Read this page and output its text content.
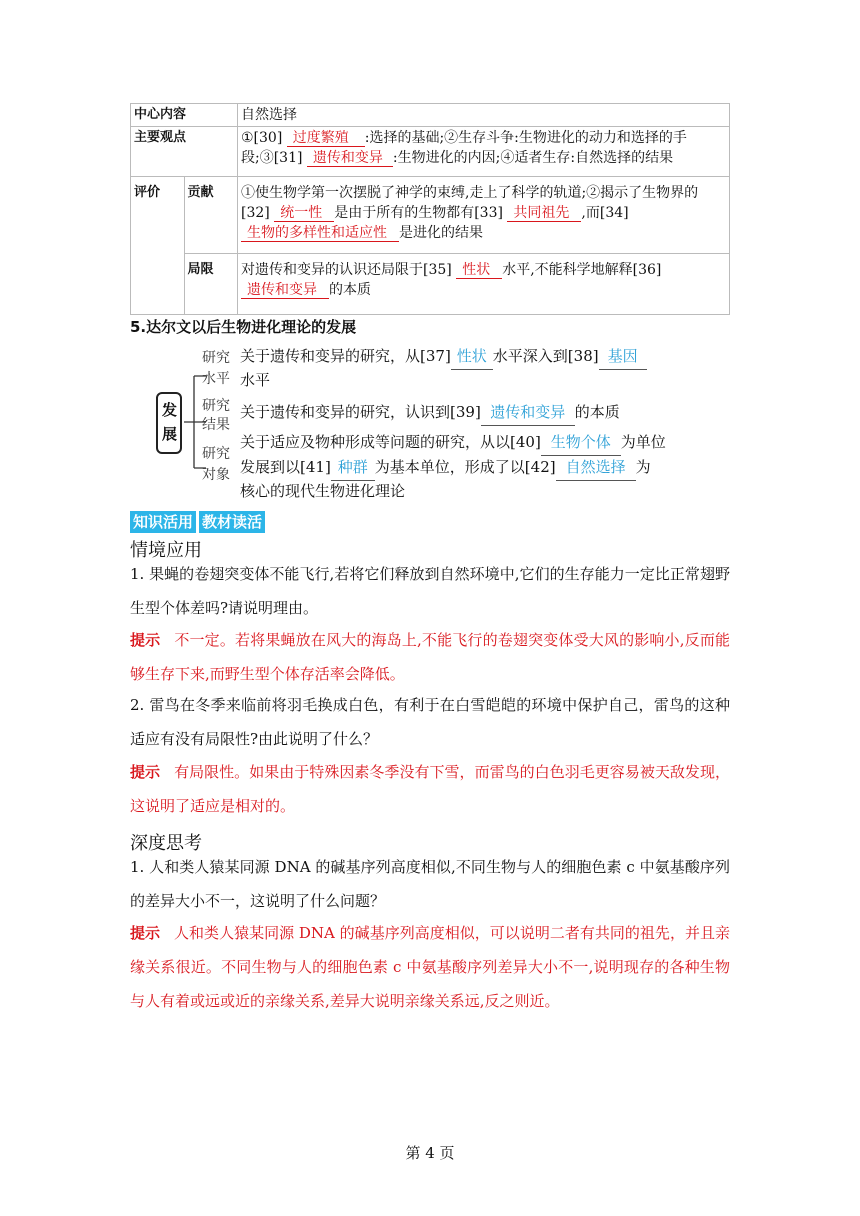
中心内容		自然选择
主要观点		①[30] 过度繁殖 :选择的基础;②生存斗争:生物进化的动力和选择的手段;③[31] 遗传和变异 :生物进化的内因;④适者生存:自然选择的结果
评价	贡献	①使生物学第一次摆脱了神学的束缚,走上了科学的轨道;②揭示了生物界的[32] 统一性 是由于所有的生物都有[33] 共同祖先 ,而[34] 生物的多样性和适应性 是进化的结果
	局限	对遗传和变异的认识还局限于[35] 性状 水平,不能科学地解释[36] 遗传和变异 的本质
5.达尔文以后生物进化理论的发展
发展
研究
水平
研究
结果
研究
对象
关于遗传和变异的研究，从[37] 性状 水平深入到[38] 基因
水平
关于遗传和变异的研究，认识到[39] 遗传和变异 的本质
关于适应及物种形成等问题的研究，从以[40] 生物个体 为单位
发展到以[41] 种群 为基本单位，形成了以[42] 自然选择 为
核心的现代生物进化理论
知识活用 教材读活
情境应用
1. 果蝇的卷翅突变体不能飞行,若将它们释放到自然环境中,它们的生存能力一定比正常翅野生型个体差吗?请说明理由。
提示 不一定。若将果蝇放在风大的海岛上,不能飞行的卷翅突变体受大风的影响小,反而能够生存下来,而野生型个体存活率会降低。
2. 雷鸟在冬季来临前将羽毛换成白色，有利于在白雪皑皑的环境中保护自己，雷鸟的这种适应有没有局限性?由此说明了什么？
提示 有局限性。如果由于特殊因素冬季没有下雪，而雷鸟的白色羽毛更容易被天敌发现，这说明了适应是相对的。
深度思考
1. 人和类人猿某同源 DNA 的碱基序列高度相似,不同生物与人的细胞色素 c 中氨基酸序列的差异大小不一，这说明了什么问题？
提示 人和类人猿某同源 DNA 的碱基序列高度相似，可以说明二者有共同的祖先，并且亲缘关系很近。不同生物与人的细胞色素 c 中氨基酸序列差异大小不一,说明现存的各种生物与人有着或远或近的亲缘关系,差异大说明亲缘关系远,反之则近。
第 4 页
